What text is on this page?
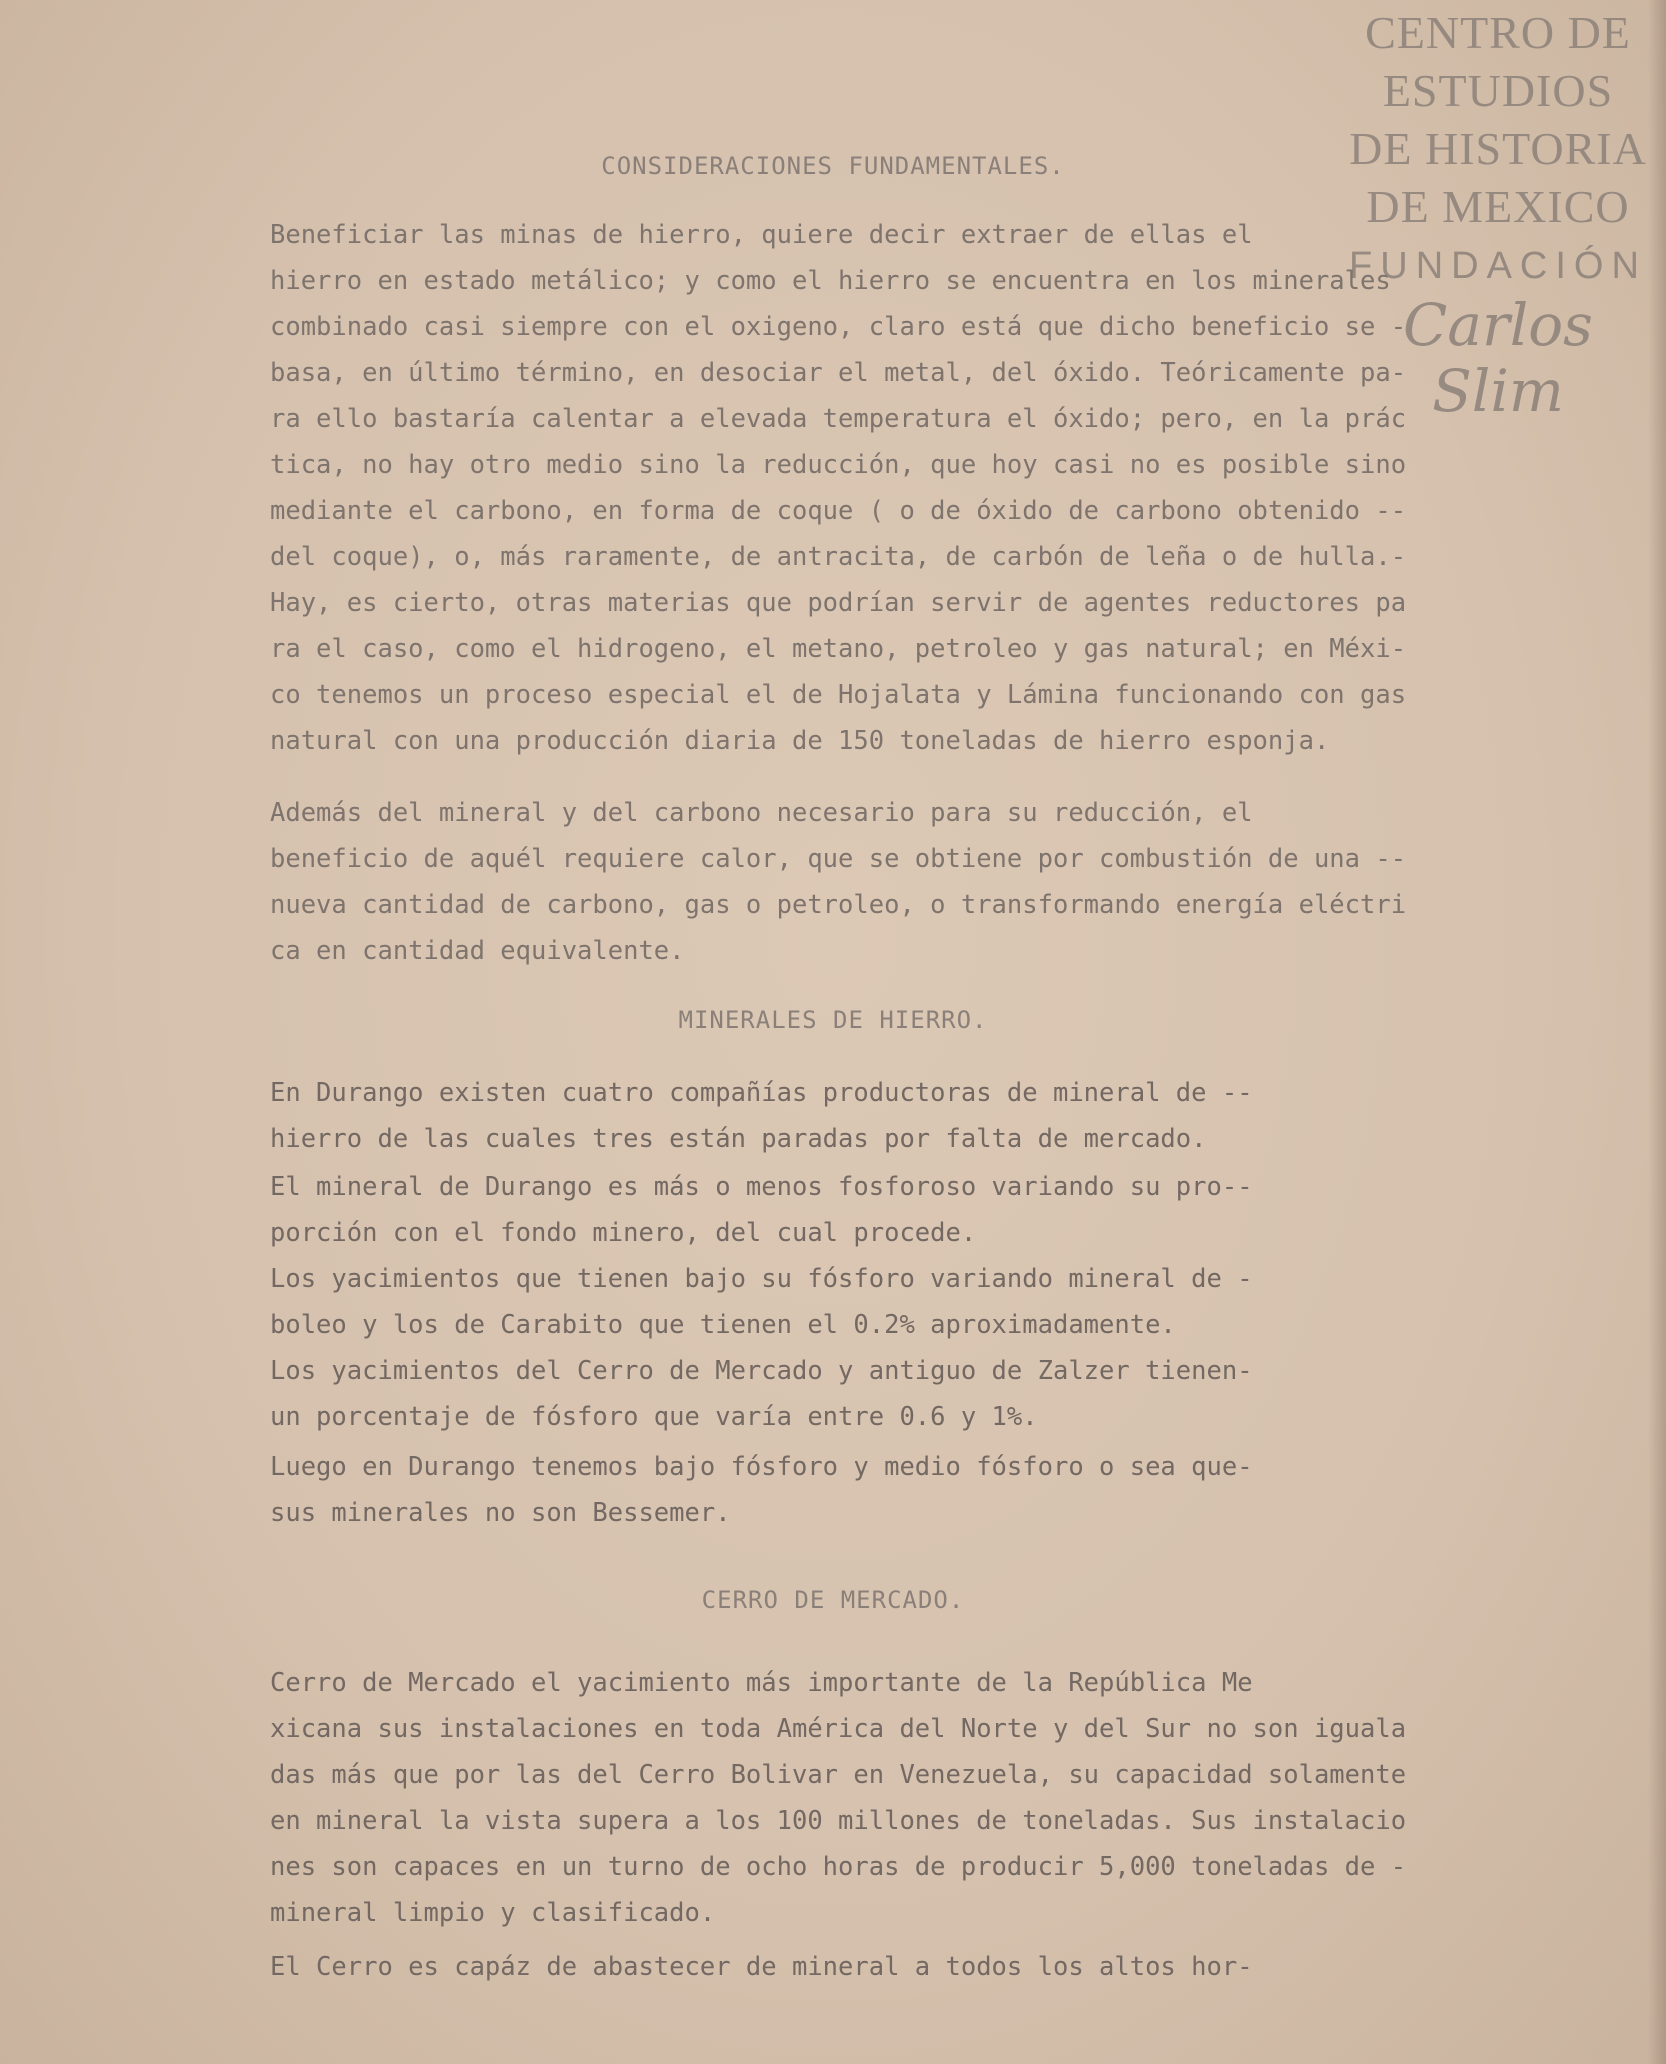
CENTRO DE
ESTUDIOS
DE HISTORIA
DE MEXICO
FUNDACIÓN
Carlos Slim
CONSIDERACIONES FUNDAMENTALES.

Beneficiar las minas de hierro, quiere decir extraer de ellas el
hierro en estado metálico; y como el hierro se encuentra en los minerales
combinado casi siempre con el oxigeno, claro está que dicho beneficio se -
basa, en último término, en desociar el metal, del óxido. Teóricamente pa-
ra ello bastaría calentar a elevada temperatura el óxido; pero, en la prác
tica, no hay otro medio sino la reducción, que hoy casi no es posible sino
mediante el carbono, en forma de coque ( o de óxido de carbono obtenido --
del coque), o, más raramente, de antracita, de carbón de leña o de hulla.-
Hay, es cierto, otras materias que podrían servir de agentes reductores pa
ra el caso, como el hidrogeno, el metano, petroleo y gas natural; en Méxi-
co tenemos un proceso especial el de Hojalata y Lámina funcionando con gas
natural con una producción diaria de 150 toneladas de hierro esponja.

Además del mineral y del carbono necesario para su reducción, el
beneficio de aquél requiere calor, que se obtiene por combustión de una --
nueva cantidad de carbono, gas o petroleo, o transformando energía eléctri
ca en cantidad equivalente.

MINERALES DE HIERRO.

En Durango existen cuatro compañías productoras de mineral de --
hierro de las cuales tres están paradas por falta de mercado.

El mineral de Durango es más o menos fosforoso variando su pro--
porción con el fondo minero, del cual procede.

Los yacimientos que tienen bajo su fósforo variando mineral de -
boleo y los de Carabito que tienen el 0.2% aproximadamente.

Los yacimientos del Cerro de Mercado y antiguo de Zalzer tienen-
un porcentaje de fósforo que varía entre 0.6 y 1%.

Luego en Durango tenemos bajo fósforo y medio fósforo o sea que-
sus minerales no son Bessemer.

CERRO DE MERCADO.

Cerro de Mercado el yacimiento más importante de la República Me
xicana sus instalaciones en toda América del Norte y del Sur no son iguala
das más que por las del Cerro Bolivar en Venezuela, su capacidad solamente
en mineral la vista supera a los 100 millones de toneladas. Sus instalacio
nes son capaces en un turno de ocho horas de producir 5,000 toneladas de -
mineral limpio y clasificado.

El Cerro es capáz de abastecer de mineral a todos los altos hor-
